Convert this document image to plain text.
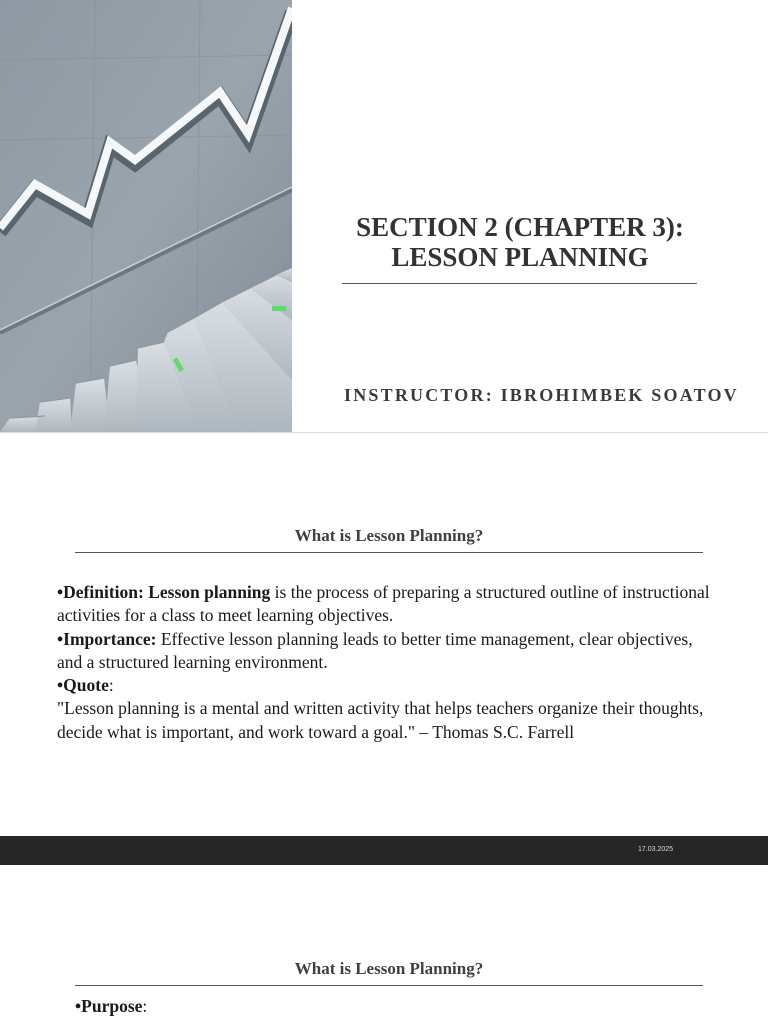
SECTION 2 (CHAPTER 3):
LESSON PLANNING
INSTRUCTOR: IBROHIMBEK SOATOV
What is Lesson Planning?

•Definition: Lesson planning is the process of preparing a structured outline of instructional activities for a class to meet learning objectives.

•Importance: Effective lesson planning leads to better time management, clear objectives, and a structured learning environment.

•Quote:

"Lesson planning is a mental and written activity that helps teachers organize their thoughts, decide what is important, and work toward a goal." – Thomas S.C. Farrell

17.03.2025
What is Lesson Planning?
•Purpose:
